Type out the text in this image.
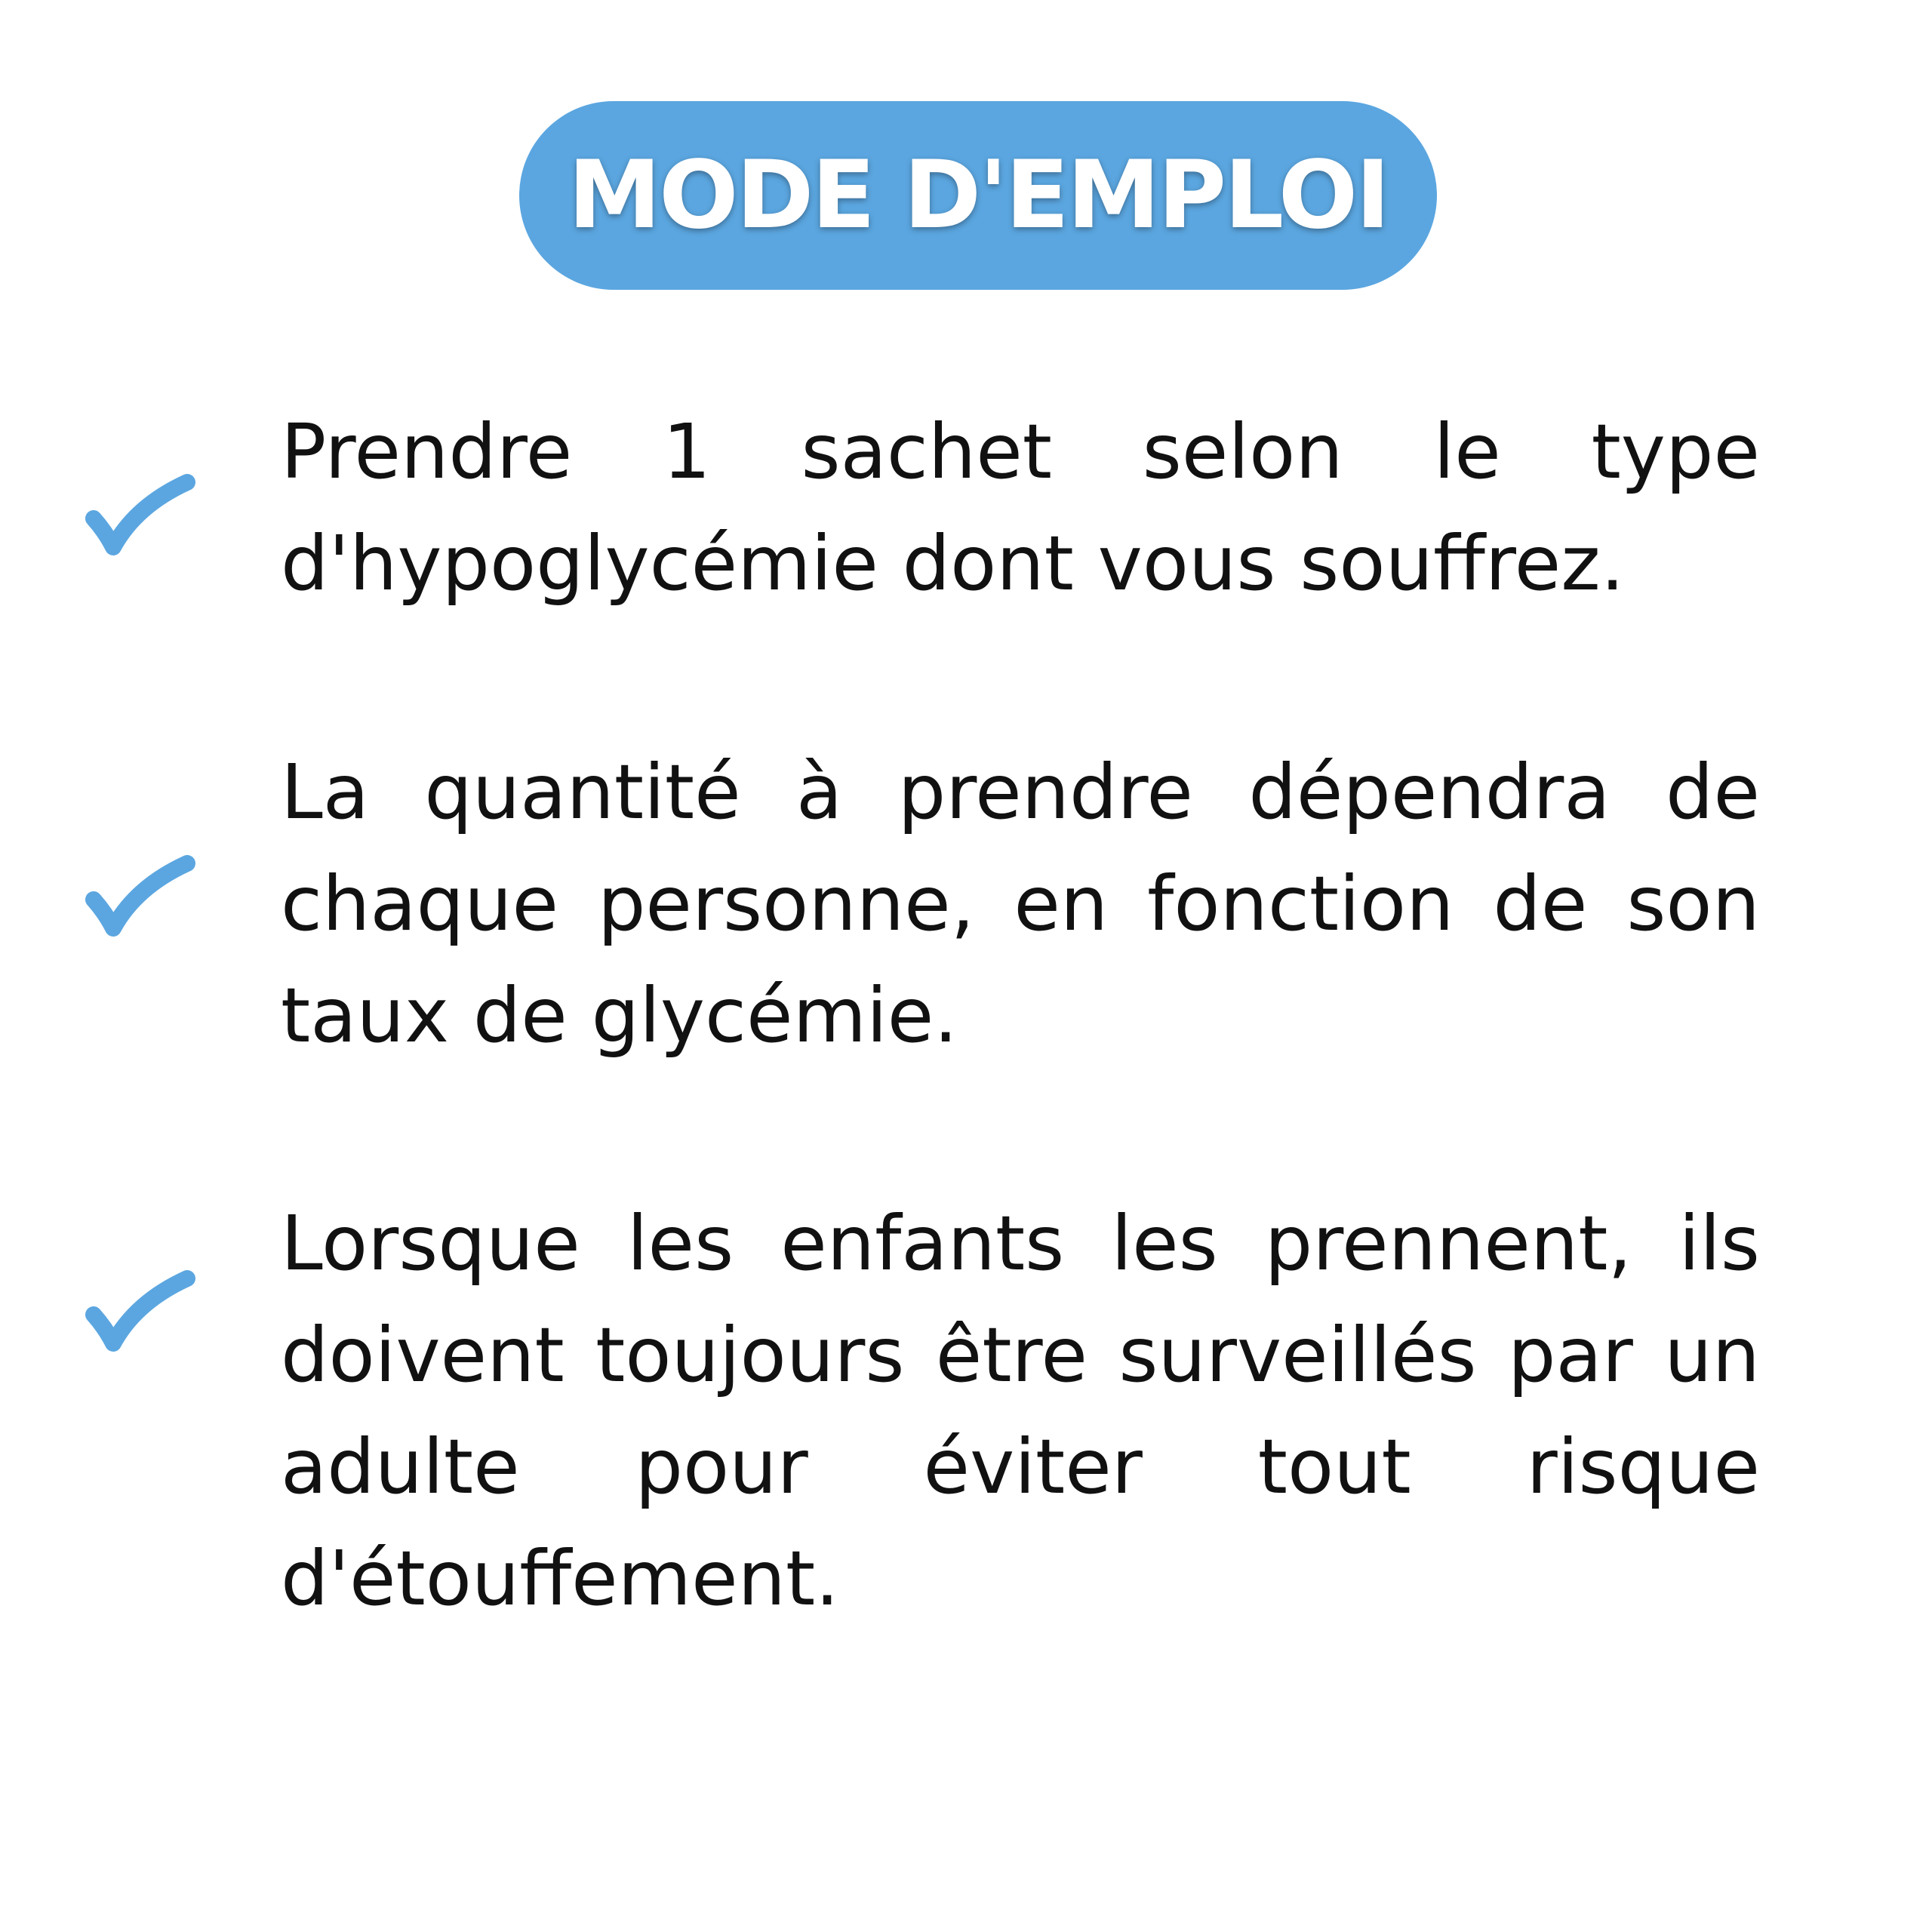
MODE D'EMPLOI

Prendre 1 sachet selon le type d'hypoglycémie dont vous souffrez.

La quantité à prendre dépendra de chaque personne, en fonction de son taux de glycémie.

Lorsque les enfants les prennent, ils doivent toujours être surveillés par un adulte pour éviter tout risque d'étouffement.
